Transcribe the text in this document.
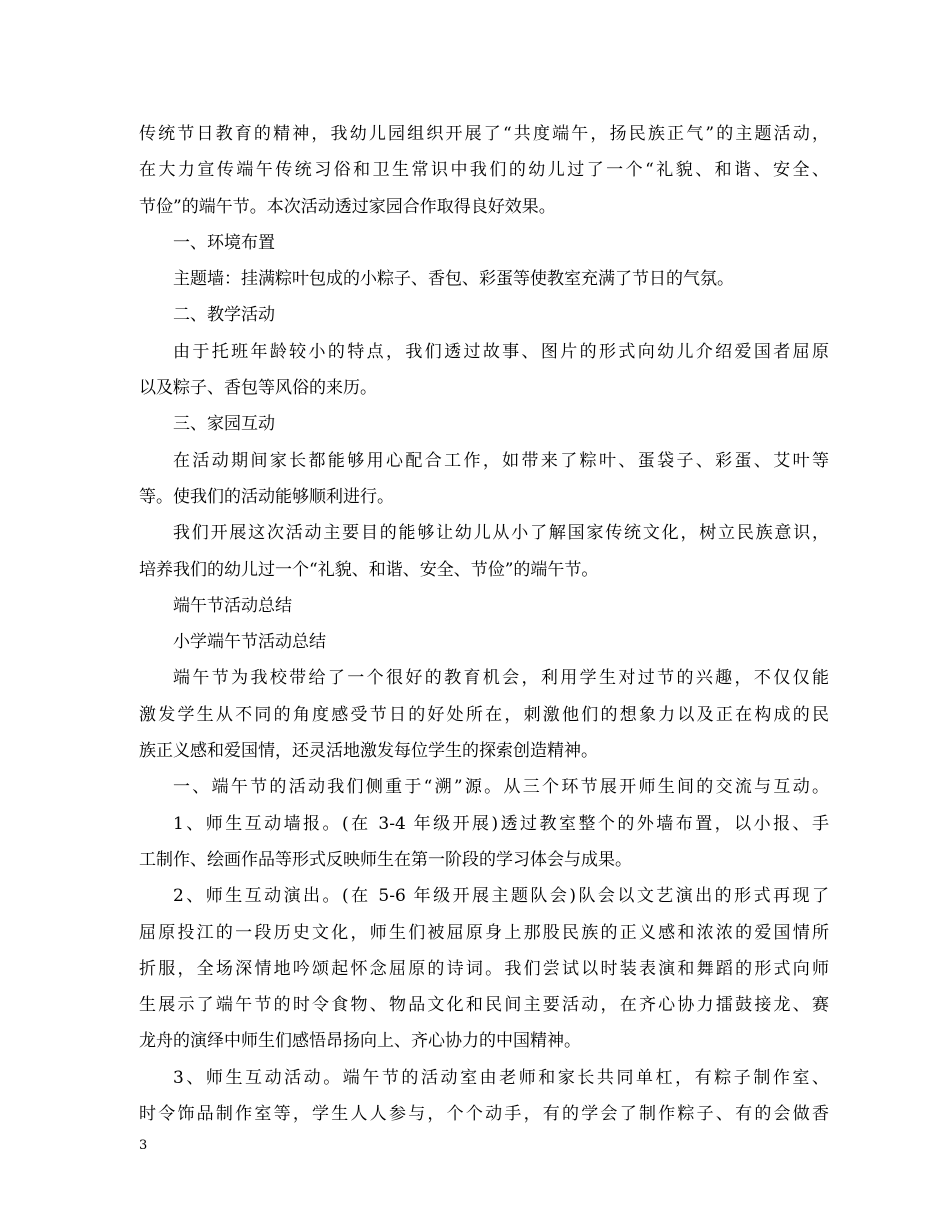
传统节日教育的精神，我幼儿园组织开展了“共度端午，扬民族正气”的主题活动，
在大力宣传端午传统习俗和卫生常识中我们的幼儿过了一个“礼貌、和谐、安全、
节俭”的端午节。本次活动透过家园合作取得良好效果。
一、环境布置
主题墙：挂满粽叶包成的小粽子、香包、彩蛋等使教室充满了节日的气氛。
二、教学活动
由于托班年龄较小的特点，我们透过故事、图片的形式向幼儿介绍爱国者屈原
以及粽子、香包等风俗的来历。
三、家园互动
在活动期间家长都能够用心配合工作，如带来了粽叶、蛋袋子、彩蛋、艾叶等
等。使我们的活动能够顺利进行。
我们开展这次活动主要目的能够让幼儿从小了解国家传统文化，树立民族意识，
培养我们的幼儿过一个“礼貌、和谐、安全、节俭”的端午节。
端午节活动总结
小学端午节活动总结
端午节为我校带给了一个很好的教育机会，利用学生对过节的兴趣，不仅仅能
激发学生从不同的角度感受节日的好处所在，刺激他们的想象力以及正在构成的民
族正义感和爱国情，还灵活地激发每位学生的探索创造精神。
一、端午节的活动我们侧重于“溯”源。从三个环节展开师生间的交流与互动。
1、师生互动墙报。(在 3-4 年级开展)透过教室整个的外墙布置，以小报、手
工制作、绘画作品等形式反映师生在第一阶段的学习体会与成果。
2、师生互动演出。(在 5-6 年级开展主题队会)队会以文艺演出的形式再现了
屈原投江的一段历史文化，师生们被屈原身上那股民族的正义感和浓浓的爱国情所
折服，全场深情地吟颂起怀念屈原的诗词。我们尝试以时装表演和舞蹈的形式向师
生展示了端午节的时令食物、物品文化和民间主要活动，在齐心协力擂鼓接龙、赛
龙舟的演绎中师生们感悟昂扬向上、齐心协力的中国精神。
3、师生互动活动。端午节的活动室由老师和家长共同单杠，有粽子制作室、
时令饰品制作室等，学生人人参与，个个动手，有的学会了制作粽子、有的会做香
3
